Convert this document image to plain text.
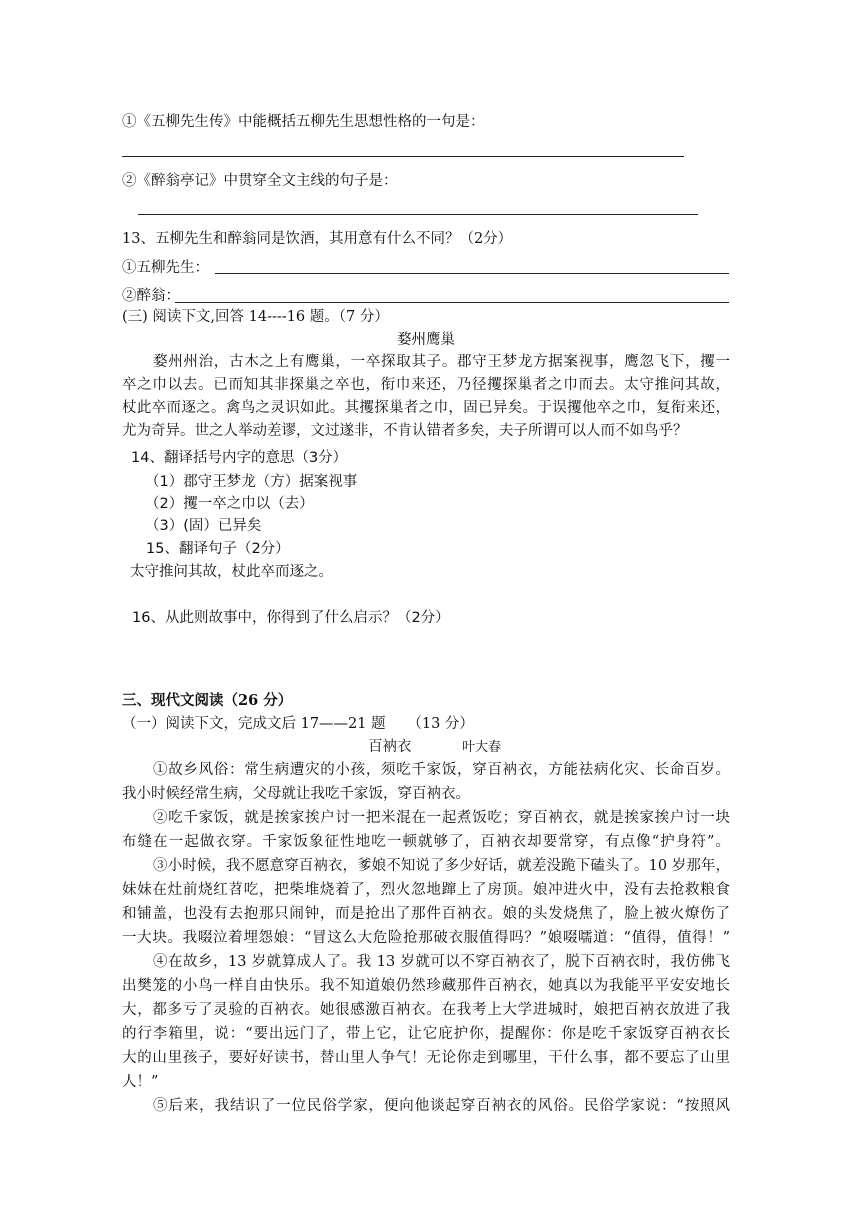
①《五柳先生传》中能概括五柳先生思想性格的一句是：
②《醉翁亭记》中贯穿全文主线的句子是：
13、五柳先生和醉翁同是饮酒，其用意有什么不同？（2分）
①五柳先生：
②醉翁：
(三) 阅读下文,回答 14----16 题。（7 分）
婺州鹰巢
婺州州治，古木之上有鹰巢，一卒探取其子。郡守王梦龙方据案视事，鹰忽飞下，攫一
卒之巾以去。已而知其非探巢之卒也，衔巾来还，乃径攫探巢者之巾而去。太守推问其故，
杖此卒而逐之。禽鸟之灵识如此。其攫探巢者之巾，固已异矣。于误攫他卒之巾，复衔来还，
尤为奇异。世之人举动差谬，文过遂非，不肯认错者多矣，夫子所谓可以人而不如鸟乎？
14、翻译括号内字的意思（3分）
（1）郡守王梦龙（方）据案视事
（2）攫一卒之巾以（去）
（3）(固）已异矣
15、翻译句子（2分）
太守推问其故，杖此卒而逐之。
16、从此则故事中，你得到了什么启示？（2分）
三、现代文阅读（26 分）
（一）阅读下文，完成文后 17——21 题　　（13 分）
百衲衣	叶大春
①故乡风俗：常生病遭灾的小孩，须吃千家饭，穿百衲衣，方能祛病化灾、长命百岁。
我小时候经常生病，父母就让我吃千家饭，穿百衲衣。
②吃千家饭，就是挨家挨户讨一把米混在一起煮饭吃；穿百衲衣，就是挨家挨户讨一块
布缝在一起做衣穿。千家饭象征性地吃一顿就够了，百衲衣却要常穿，有点像“护身符”。
③小时候，我不愿意穿百衲衣，爹娘不知说了多少好话，就差没跪下磕头了。10 岁那年，
妹妹在灶前烧红苕吃，把柴堆烧着了，烈火忽地蹿上了房顶。娘冲进火中，没有去抢救粮食
和铺盖，也没有去抱那只闹钟，而是抢出了那件百衲衣。娘的头发烧焦了，脸上被火燎伤了
一大块。我啜泣着埋怨娘：“冒这么大危险抢那破衣服值得吗？”娘啜嚅道：“值得，值得！”
④在故乡，13 岁就算成人了。我 13 岁就可以不穿百衲衣了，脱下百衲衣时，我仿佛飞
出樊笼的小鸟一样自由快乐。我不知道娘仍然珍藏那件百衲衣，她真以为我能平平安安地长
大，都多亏了灵验的百衲衣。她很感激百衲衣。在我考上大学进城时，娘把百衲衣放进了我
的行李箱里，说：“要出远门了，带上它，让它庇护你，提醒你：你是吃千家饭穿百衲衣长
大的山里孩子，要好好读书，替山里人争气！无论你走到哪里，干什么事，都不要忘了山里
人！”
⑤后来，我结识了一位民俗学家，便向他谈起穿百衲衣的风俗。民俗学家说：“按照风
